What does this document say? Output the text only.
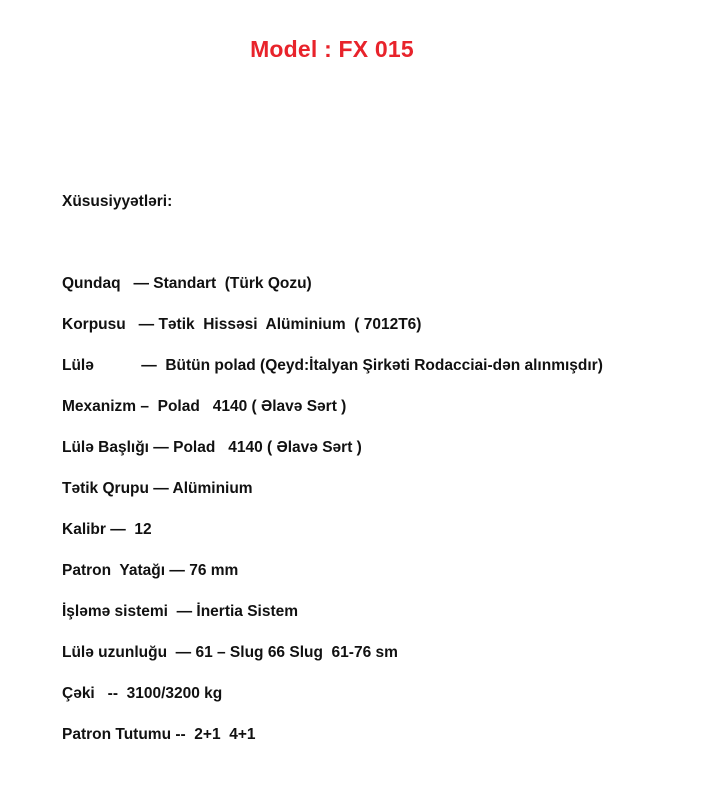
Model : FX 015
Xüsusiyyətləri:
Qundaq   — Standart  (Türk Qozu)
Korpusu   — Tətik  Hissəsi  Alüminium  ( 7012T6)
Lülə           —  Bütün polad (Qeyd:İtalyan Şirkəti Rodacciai-dən alınmışdır)
Mexanizm –  Polad   4140 ( Əlavə Sərt )
Lülə Başlığı — Polad   4140 ( Əlavə Sərt )
Tətik Qrupu — Alüminium
Kalibr —  12
Patron  Yatağı — 76 mm
İşləmə sistemi  — İnertia Sistem
Lülə uzunluğu  — 61 – Slug 66 Slug  61-76 sm
Çəki   --  3100/3200 kg
Patron Tutumu --  2+1  4+1
